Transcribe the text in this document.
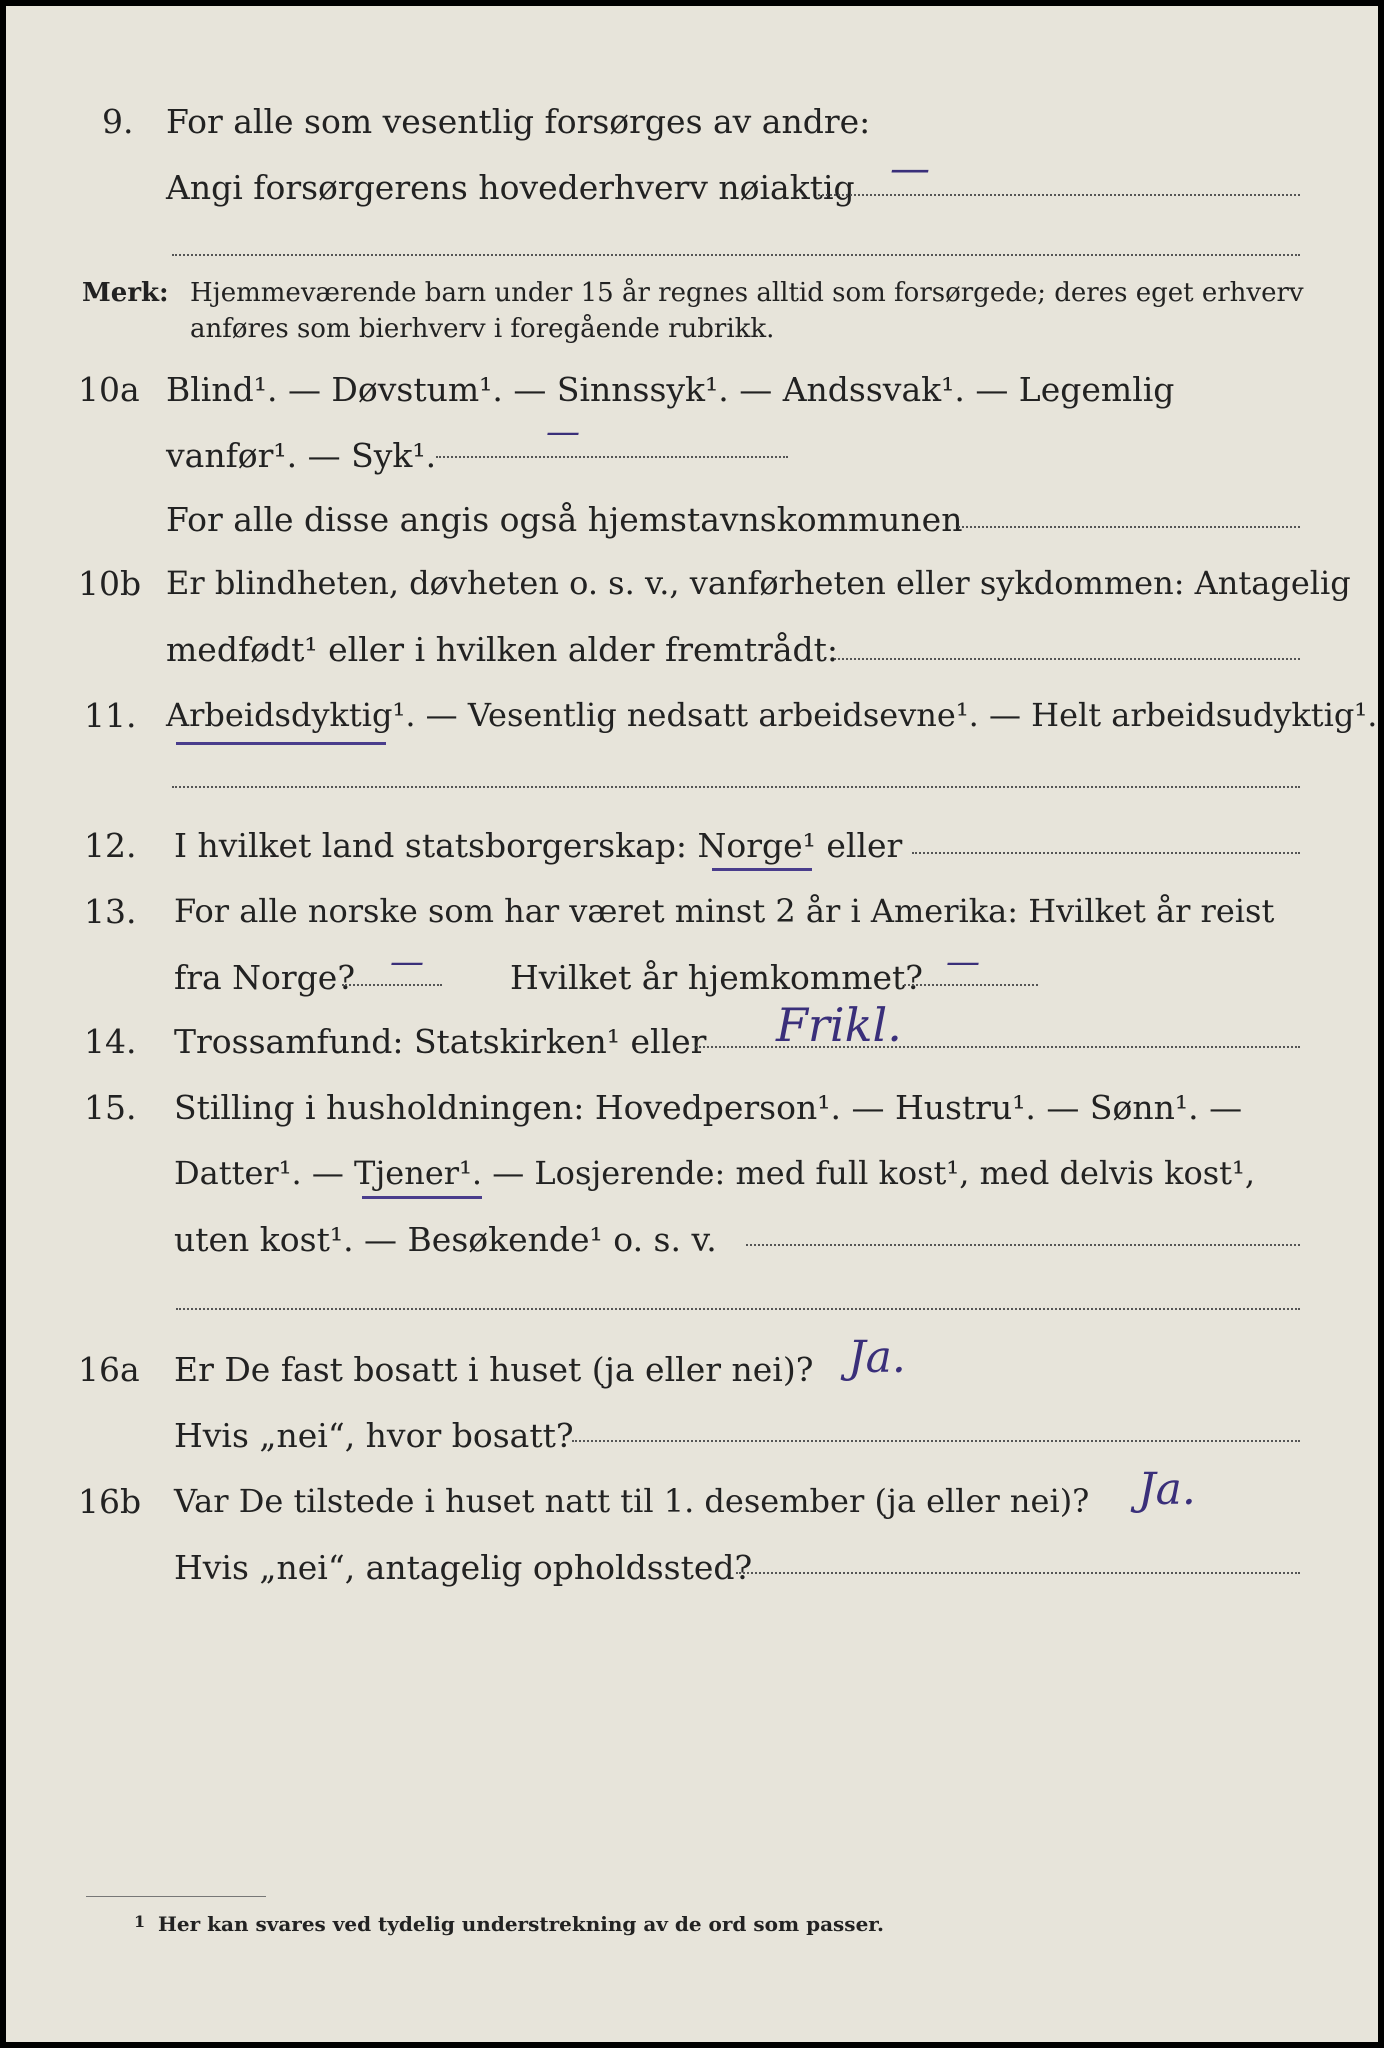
9. For alle som vesentlig forsørges av andre:
Angi forsørgerens hovederhverv nøiaktig —
Merk: Hjemmeværende barn under 15 år regnes alltid som forsørgede; deres eget erhverv
anføres som bierhverv i foregående rubrikk.
10a Blind¹. — Døvstum¹. — Sinnssyk¹. — Andssvak¹. — Legemlig
vanfør¹. — Syk¹.
—
For alle disse angis også hjemstavnskommunen
10b Er blindheten, døvheten o. s. v., vanførheten eller sykdommen: Antagelig
medfødt¹ eller i hvilken alder fremtrådt:
11. Arbeidsdyktig¹. — Vesentlig nedsatt arbeidsevne¹. — Helt arbeidsudyktig¹.
12. I hvilket land statsborgerskap: Norge¹ eller
13. For alle norske som har været minst 2 år i Amerika: Hvilket år reist
fra Norge? —	Hvilket år hjemkommet? —
14. Trossamfund: Statskirken¹ eller Frikl.
15. Stilling i husholdningen: Hovedperson¹. — Hustru¹. — Sønn¹. —
Datter¹. — Tjener¹. — Losjerende: med full kost¹, med delvis kost¹,
uten kost¹. — Besøkende¹ o. s. v.
16a Er De fast bosatt i huset (ja eller nei)? Ja.
Hvis „nei“, hvor bosatt?
16b Var De tilstede i huset natt til 1. desember (ja eller nei)? Ja.
Hvis „nei“, antagelig opholdssted?
1 Her kan svares ved tydelig understrekning av de ord som passer.
